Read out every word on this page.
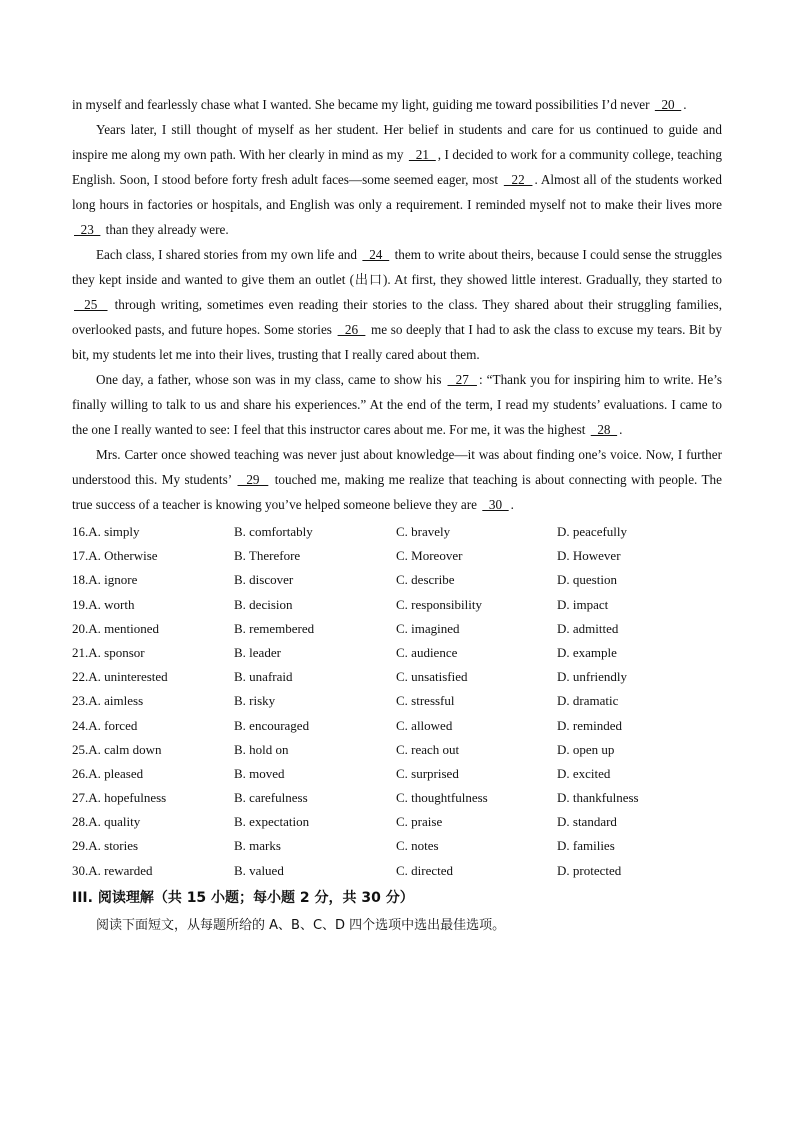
in myself and fearlessly chase what I wanted. She became my light, guiding me toward possibilities I’d never   20  .

Years later, I still thought of myself as her student. Her belief in students and care for us continued to guide and inspire me along my own path. With her clearly in mind as my   21  , I decided to work for a community college, teaching English. Soon, I stood before forty fresh adult faces—some seemed eager, most   22  . Almost all of the students worked long hours in factories or hospitals, and English was only a requirement. I reminded myself not to make their lives more   23   than they already were.

Each class, I shared stories from my own life and   24   them to write about theirs, because I could sense the struggles they kept inside and wanted to give them an outlet (出口). At first, they showed little interest. Gradually, they started to   25   through writing, sometimes even reading their stories to the class. They shared about their struggling families, overlooked pasts, and future hopes. Some stories   26   me so deeply that I had to ask the class to excuse my tears. Bit by bit, my students let me into their lives, trusting that I really cared about them.

One day, a father, whose son was in my class, came to show his   27  : “Thank you for inspiring him to write. He’s finally willing to talk to us and share his experiences.” At the end of the term, I read my students’ evaluations. I came to the one I really wanted to see: I feel that this instructor cares about me. For me, it was the highest   28  .

Mrs. Carter once showed teaching was never just about knowledge—it was about finding one’s voice. Now, I further understood this. My students’   29   touched me, making me realize that teaching is about connecting with people. The true success of a teacher is knowing you’ve helped someone believe they are   30  .

16.A. simply	B. comfortably	C. bravely	D. peacefully
17.A. Otherwise	B. Therefore	C. Moreover	D. However
18.A. ignore	B. discover	C. describe	D. question
19.A. worth	B. decision	C. responsibility	D. impact
20.A. mentioned	B. remembered	C. imagined	D. admitted
21.A. sponsor	B. leader	C. audience	D. example
22.A. uninterested	B. unafraid	C. unsatisfied	D. unfriendly
23.A. aimless	B. risky	C. stressful	D. dramatic
24.A. forced	B. encouraged	C. allowed	D. reminded
25.A. calm down	B. hold on	C. reach out	D. open up
26.A. pleased	B. moved	C. surprised	D. excited
27.A. hopefulness	B. carefulness	C. thoughtfulness	D. thankfulness
28.A. quality	B. expectation	C. praise	D. standard
29.A. stories	B. marks	C. notes	D. families
30.A. rewarded	B. valued	C. directed	D. protected
III. 阅读理解（共 15 小题；每小题 2 分，共 30 分）
阅读下面短文，从每题所给的 A、B、C、D 四个选项中选出最佳选项。
